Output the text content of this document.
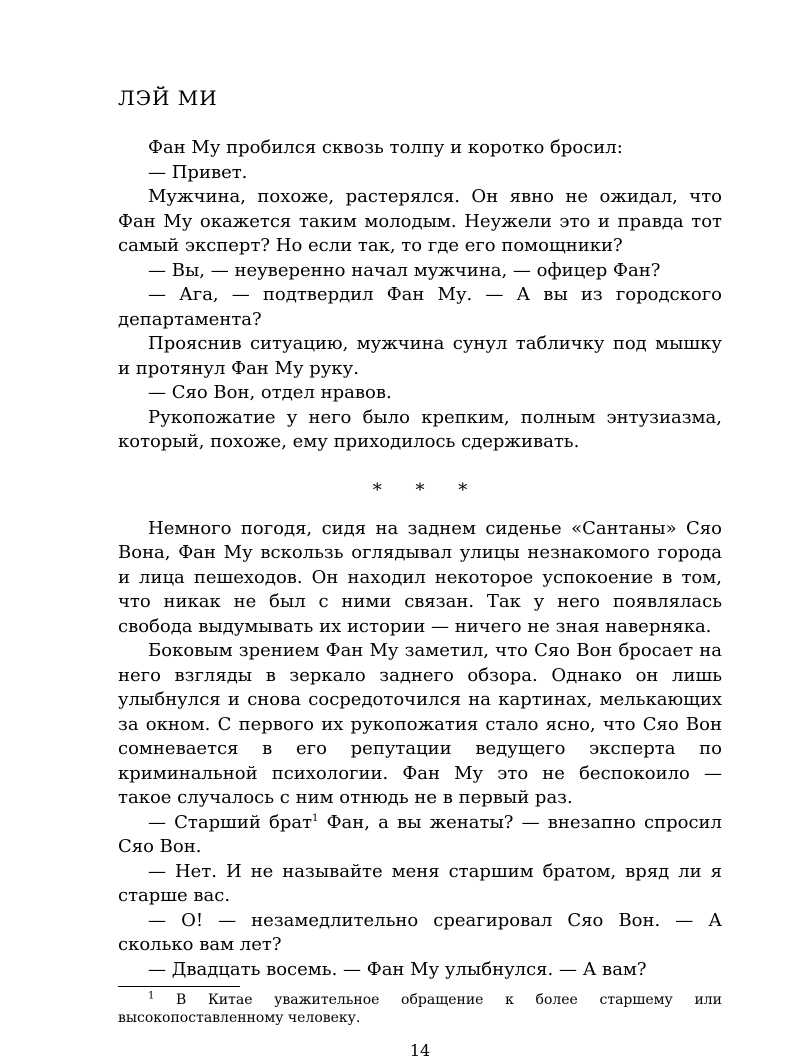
ЛЭЙ МИ

Фан Му пробился сквозь толпу и коротко бросил:

— Привет.

Мужчина, похоже, растерялся. Он явно не ожидал, что Фан Му окажется таким молодым. Неужели это и правда тот самый эксперт? Но если так, то где его помощники?

— Вы, — неуверенно начал мужчина, — офицер Фан?

— Ага, — подтвердил Фан Му. — А вы из городского департамента?

Прояснив ситуацию, мужчина сунул табличку под мышку и протянул Фан Му руку.

— Сяо Вон, отдел нравов.

Рукопожатие у него было крепким, полным энтузиазма, который, похоже, ему приходилось сдерживать.

* * *

Немного погодя, сидя на заднем сиденье «Сантаны» Сяо Вона, Фан Му вскользь оглядывал улицы незнакомого города и лица пешеходов. Он находил некоторое успокоение в том, что никак не был с ними связан. Так у него появлялась свобода выдумывать их истории — ничего не зная наверняка.

Боковым зрением Фан Му заметил, что Сяо Вон бросает на него взгляды в зеркало заднего обзора. Однако он лишь улыбнулся и снова сосредоточился на картинах, мелькающих за окном. С первого их рукопожатия стало ясно, что Сяо Вон сомневается в его репутации ведущего эксперта по криминальной психологии. Фан Му это не беспокоило — такое случалось с ним отнюдь не в первый раз.

— Старший брат$^1$ Фан, а вы женаты? — внезапно спросил Сяо Вон.

— Нет. И не называйте меня старшим братом, вряд ли я старше вас.

— О! — незамедлительно среагировал Сяо Вон. — А сколько вам лет?

— Двадцать восемь. — Фан Му улыбнулся. — А вам?

$^1$ В Китае уважительное обращение к более старшему или высокопоставленному человеку.

14
